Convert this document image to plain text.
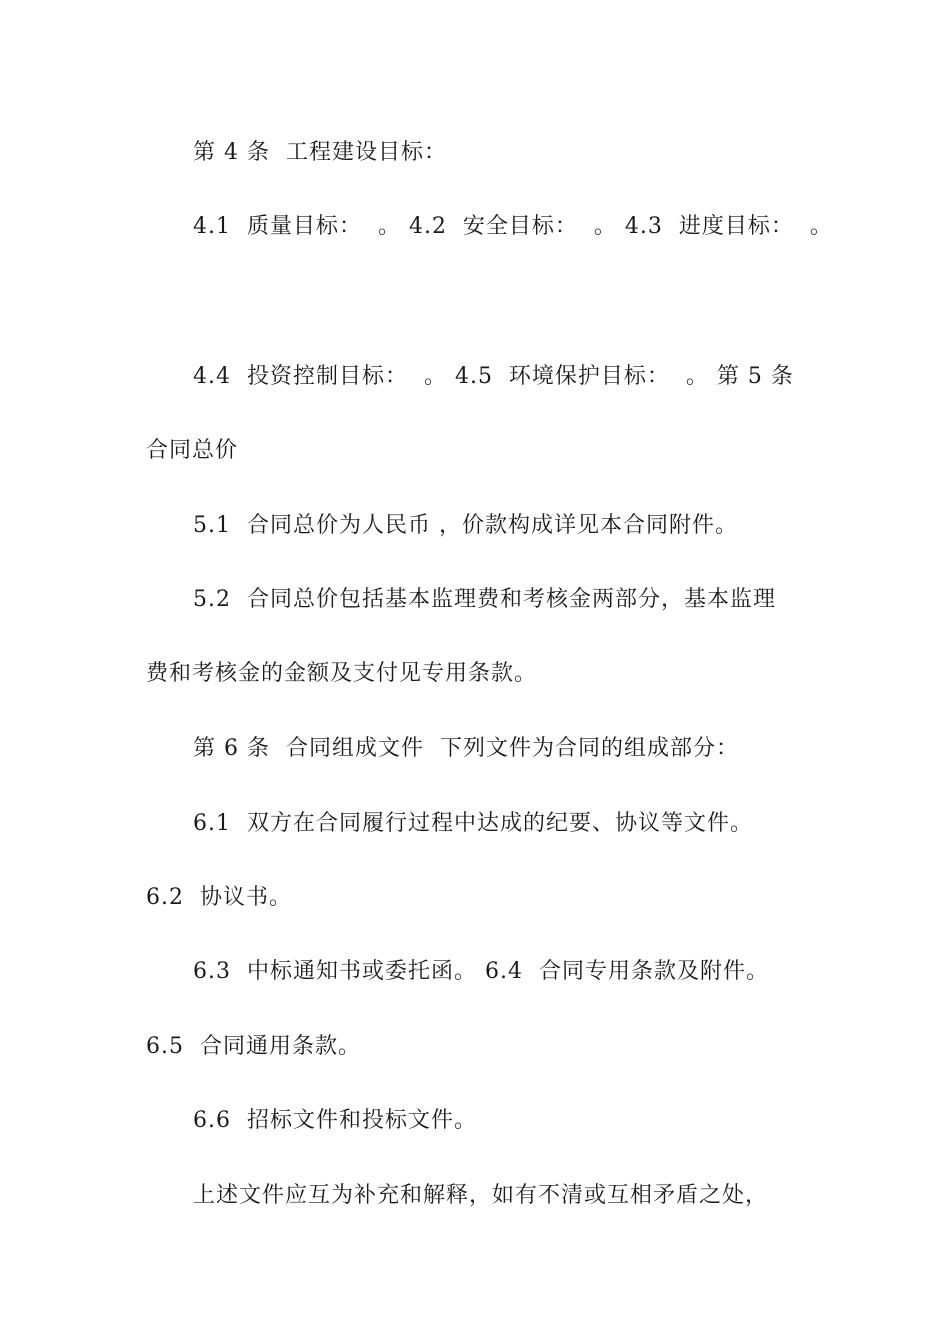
第 4 条  工程建设目标：
4.1  质量目标：  。 4.2  安全目标：  。 4.3  进度目标：  。
4.4  投资控制目标：  。 4.5  环境保护目标：  。 第 5 条
合同总价
5.1  合同总价为人民币 ，价款构成详见本合同附件。
5.2  合同总价包括基本监理费和考核金两部分，基本监理
费和考核金的金额及支付见专用条款。
第 6 条  合同组成文件  下列文件为合同的组成部分：
6.1  双方在合同履行过程中达成的纪要、协议等文件。
6.2  协议书。
6.3  中标通知书或委托函。 6.4  合同专用条款及附件。
6.5  合同通用条款。
6.6  招标文件和投标文件。
上述文件应互为补充和解释，如有不清或互相矛盾之处，
